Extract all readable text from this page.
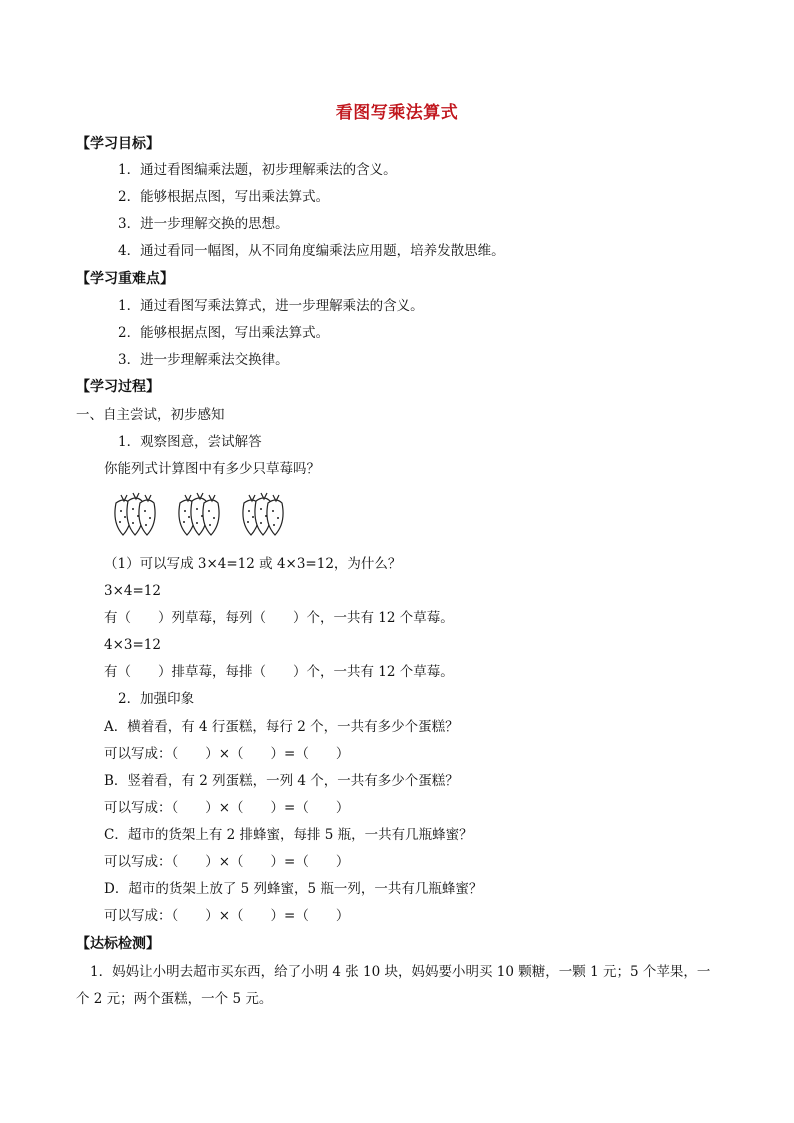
看图写乘法算式
【学习目标】
1．通过看图编乘法题，初步理解乘法的含义。
2．能够根据点图，写出乘法算式。
3．进一步理解交换的思想。
4．通过看同一幅图，从不同角度编乘法应用题，培养发散思维。
【学习重难点】
1．通过看图写乘法算式，进一步理解乘法的含义。
2．能够根据点图，写出乘法算式。
3．进一步理解乘法交换律。
【学习过程】
一、自主尝试，初步感知
1．观察图意，尝试解答
你能列式计算图中有多少只草莓吗？
（1）可以写成 3×4=12 或 4×3=12，为什么？
3×4=12
有（　　）列草莓，每列（　　）个，一共有 12 个草莓。
4×3=12
有（　　）排草莓，每排（　　）个，一共有 12 个草莓。
2．加强印象
A．横着看，有 4 行蛋糕，每行 2 个，一共有多少个蛋糕？
可以写成：（　　）×（　　）=（　　）
B．竖着看，有 2 列蛋糕，一列 4 个，一共有多少个蛋糕？
可以写成：（　　）×（　　）=（　　）
C．超市的货架上有 2 排蜂蜜，每排 5 瓶，一共有几瓶蜂蜜？
可以写成：（　　）×（　　）=（　　）
D．超市的货架上放了 5 列蜂蜜，5 瓶一列，一共有几瓶蜂蜜？
可以写成：（　　）×（　　）=（　　）
【达标检测】
1．妈妈让小明去超市买东西，给了小明 4 张 10 块，妈妈要小明买 10 颗糖，一颗 1 元；5 个苹果，一
个 2 元；两个蛋糕，一个 5 元。
